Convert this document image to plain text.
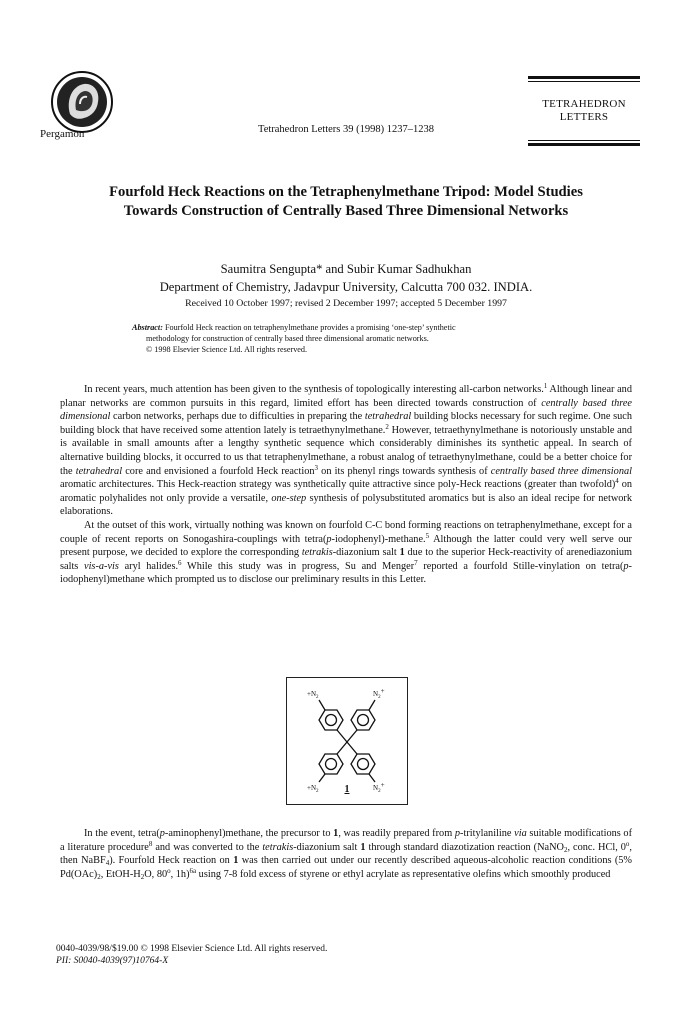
Pergamon	Tetrahedron Letters 39 (1998) 1237–1238
TETRAHEDRON
LETTERS
Fourfold Heck Reactions on the Tetraphenylmethane Tripod: Model Studies
Towards Construction of Centrally Based Three Dimensional Networks
Saumitra Sengupta* and Subir Kumar Sadhukhan
Department of Chemistry, Jadavpur University, Calcutta 700 032. INDIA.
Received 10 October 1997; revised 2 December 1997; accepted 5 December 1997
Abstract: Fourfold Heck reaction on tetraphenylmethane provides a promising ‘one-step’ synthetic
methodology for construction of centrally based three dimensional aromatic networks.
© 1998 Elsevier Science Ltd. All rights reserved.

In recent years, much attention has been given to the synthesis of topologically interesting all-carbon networks.$^1$ Although linear and planar networks are common pursuits in this regard, limited effort has been directed towards construction of centrally based three dimensional carbon networks, perhaps due to difficulties in preparing the tetrahedral building blocks necessary for such regime. One such building block that have received some attention lately is tetraethynylmethane.$^2$ However, tetraethynylmethane is notoriously unstable and is available in small amounts after a lengthy synthetic sequence which considerably diminishes its synthetic appeal. In search of alternative building blocks, it occurred to us that tetraphenylmethane, a robust analog of tetraethynylmethane, could be a better choice for the tetrahedral core and envisioned a fourfold Heck reaction$^3$ on its phenyl rings towards synthesis of centrally based three dimensional aromatic architectures. This Heck-reaction strategy was synthetically quite attractive since poly-Heck reactions (greater than twofold)$^4$ on aromatic polyhalides not only provide a versatile, one-step synthesis of polysubstituted aromatics but is also an ideal recipe for network elaborations.

At the outset of this work, virtually nothing was known on fourfold C-C bond forming reactions on tetraphenylmethane, except for a couple of recent reports on Sonogashira-couplings with tetra(p-iodophenyl)-methane.$^5$ Although the latter could very well serve our present purpose, we decided to explore the corresponding tetrakis-diazonium salt 1 due to the superior Heck-reactivity of arenediazonium salts vis-a-vis aryl halides.$^6$ While this study was in progress, Su and Menger$^7$ reported a fourfold Stille-vinylation on tetra(p-iodophenyl)methane which prompted us to disclose our preliminary results in this Letter.

$+N_2$	$N_2+$
$+N_2$	$N_2+$
1

In the event, tetra(p-aminophenyl)methane, the precursor to 1, was readily prepared from p-tritylaniline via suitable modifications of a literature procedure$^8$ and was converted to the tetrakis-diazonium salt 1 through standard diazotization reaction (NaNO$_2$, conc. HCl, 0$^o$, then NaBF$_4$). Fourfold Heck reaction on 1 was then carried out under our recently described aqueous-alcoholic reaction conditions (5% $Pd(OAc)_2$, EtOH-$H_2O$, 80$^o$, 1h)$^{6a}$ using 7-8 fold excess of styrene or ethyl acrylate as representative olefins which smoothly produced

0040-4039/98/$19.00 © 1998 Elsevier Science Ltd. All rights reserved.
PII: S0040-4039(97)10764-X
